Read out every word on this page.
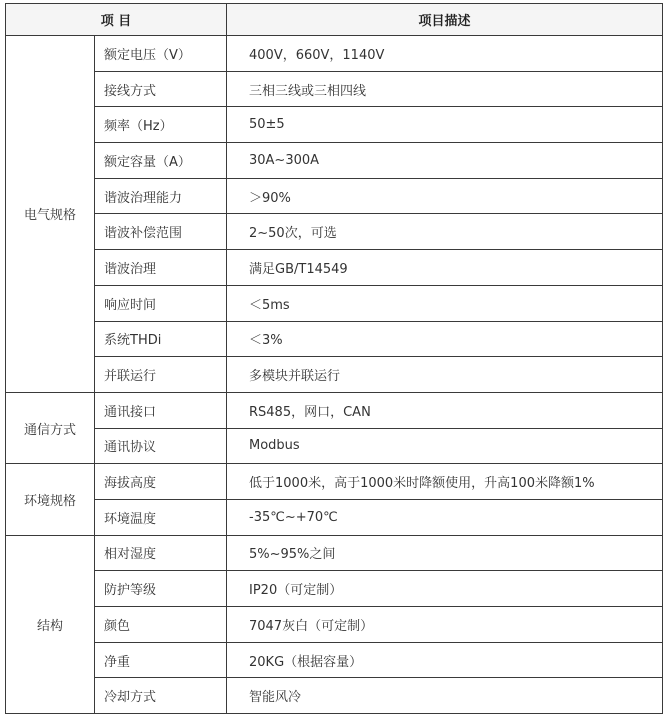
项 目		项目描述
电气规格	额定电压（V）	400V，660V，1140V
	接线方式	三相三线或三相四线
	频率（Hz）	50±5
	额定容量（A）	30A~300A
	谐波治理能力	＞90%
	谐波补偿范围	2~50次，可选
	谐波治理	满足GB/T14549
	响应时间	＜5ms
	系统THDi	＜3%
	并联运行	多模块并联运行
通信方式	通讯接口	RS485，网口，CAN
	通讯协议	Modbus
环境规格	海拔高度	低于1000米，高于1000米时降额使用，升高100米降额1%
	环境温度	-35℃~+70℃
结构	相对湿度	5%~95%之间
	防护等级	IP20（可定制）
	颜色	7047灰白（可定制）
	净重	20KG（根据容量）
	冷却方式	智能风冷
